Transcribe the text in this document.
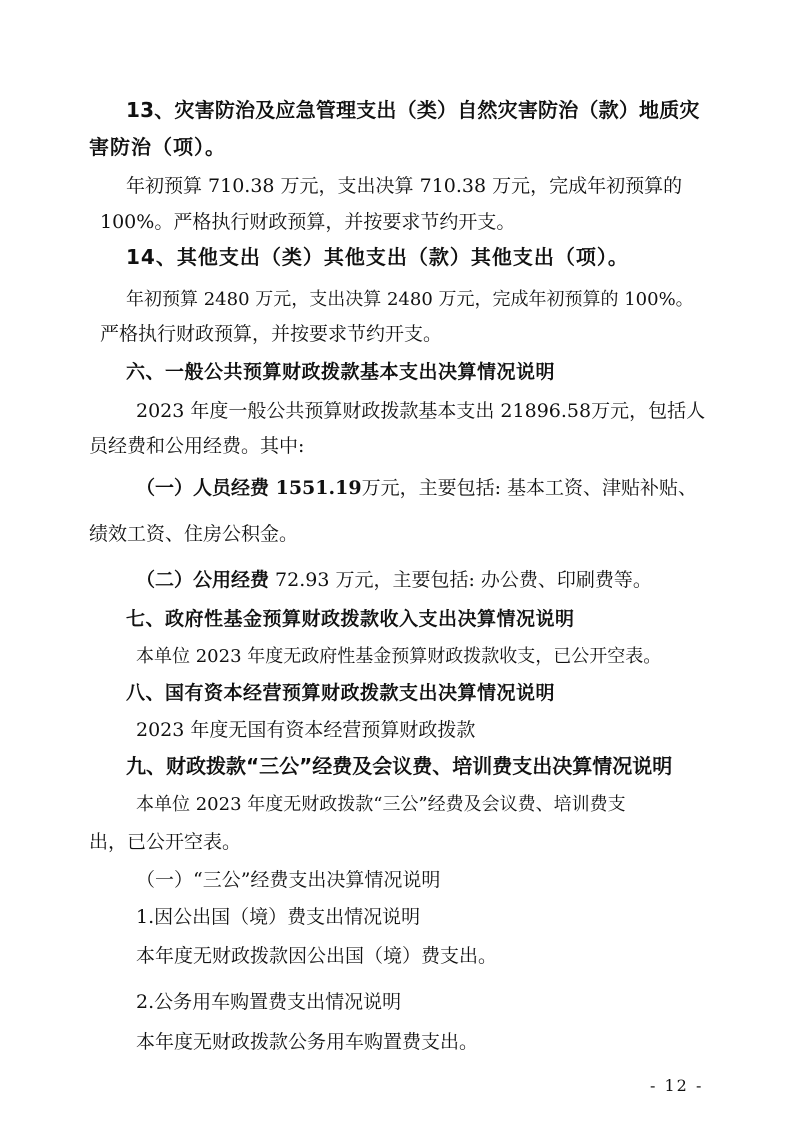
13、灾害防治及应急管理支出（类）自然灾害防治（款）地质灾
害防治（项）。
年初预算 710.38 万元，支出决算 710.38 万元，完成年初预算的
100%。严格执行财政预算，并按要求节约开支。
14、其他支出（类）其他支出（款）其他支出（项）。
年初预算 2480 万元，支出决算 2480 万元，完成年初预算的 100%。
严格执行财政预算，并按要求节约开支。
六、一般公共预算财政拨款基本支出决算情况说明
2023 年度一般公共预算财政拨款基本支出 21896.58万元，包括人
员经费和公用经费。其中:
（一）人员经费 1551.19万元，主要包括: 基本工资、津贴补贴、
绩效工资、住房公积金。
（二）公用经费 72.93 万元，主要包括: 办公费、印刷费等。
七、政府性基金预算财政拨款收入支出决算情况说明
本单位 2023 年度无政府性基金预算财政拨款收支，已公开空表。
八、国有资本经营预算财政拨款支出决算情况说明
2023 年度无国有资本经营预算财政拨款
九、财政拨款“三公”经费及会议费、培训费支出决算情况说明
本单位 2023 年度无财政拨款“三公”经费及会议费、培训费支
出，已公开空表。
（一）“三公”经费支出决算情况说明
1.因公出国（境）费支出情况说明
本年度无财政拨款因公出国（境）费支出。
2.公务用车购置费支出情况说明
本年度无财政拨款公务用车购置费支出。
- 12 -
